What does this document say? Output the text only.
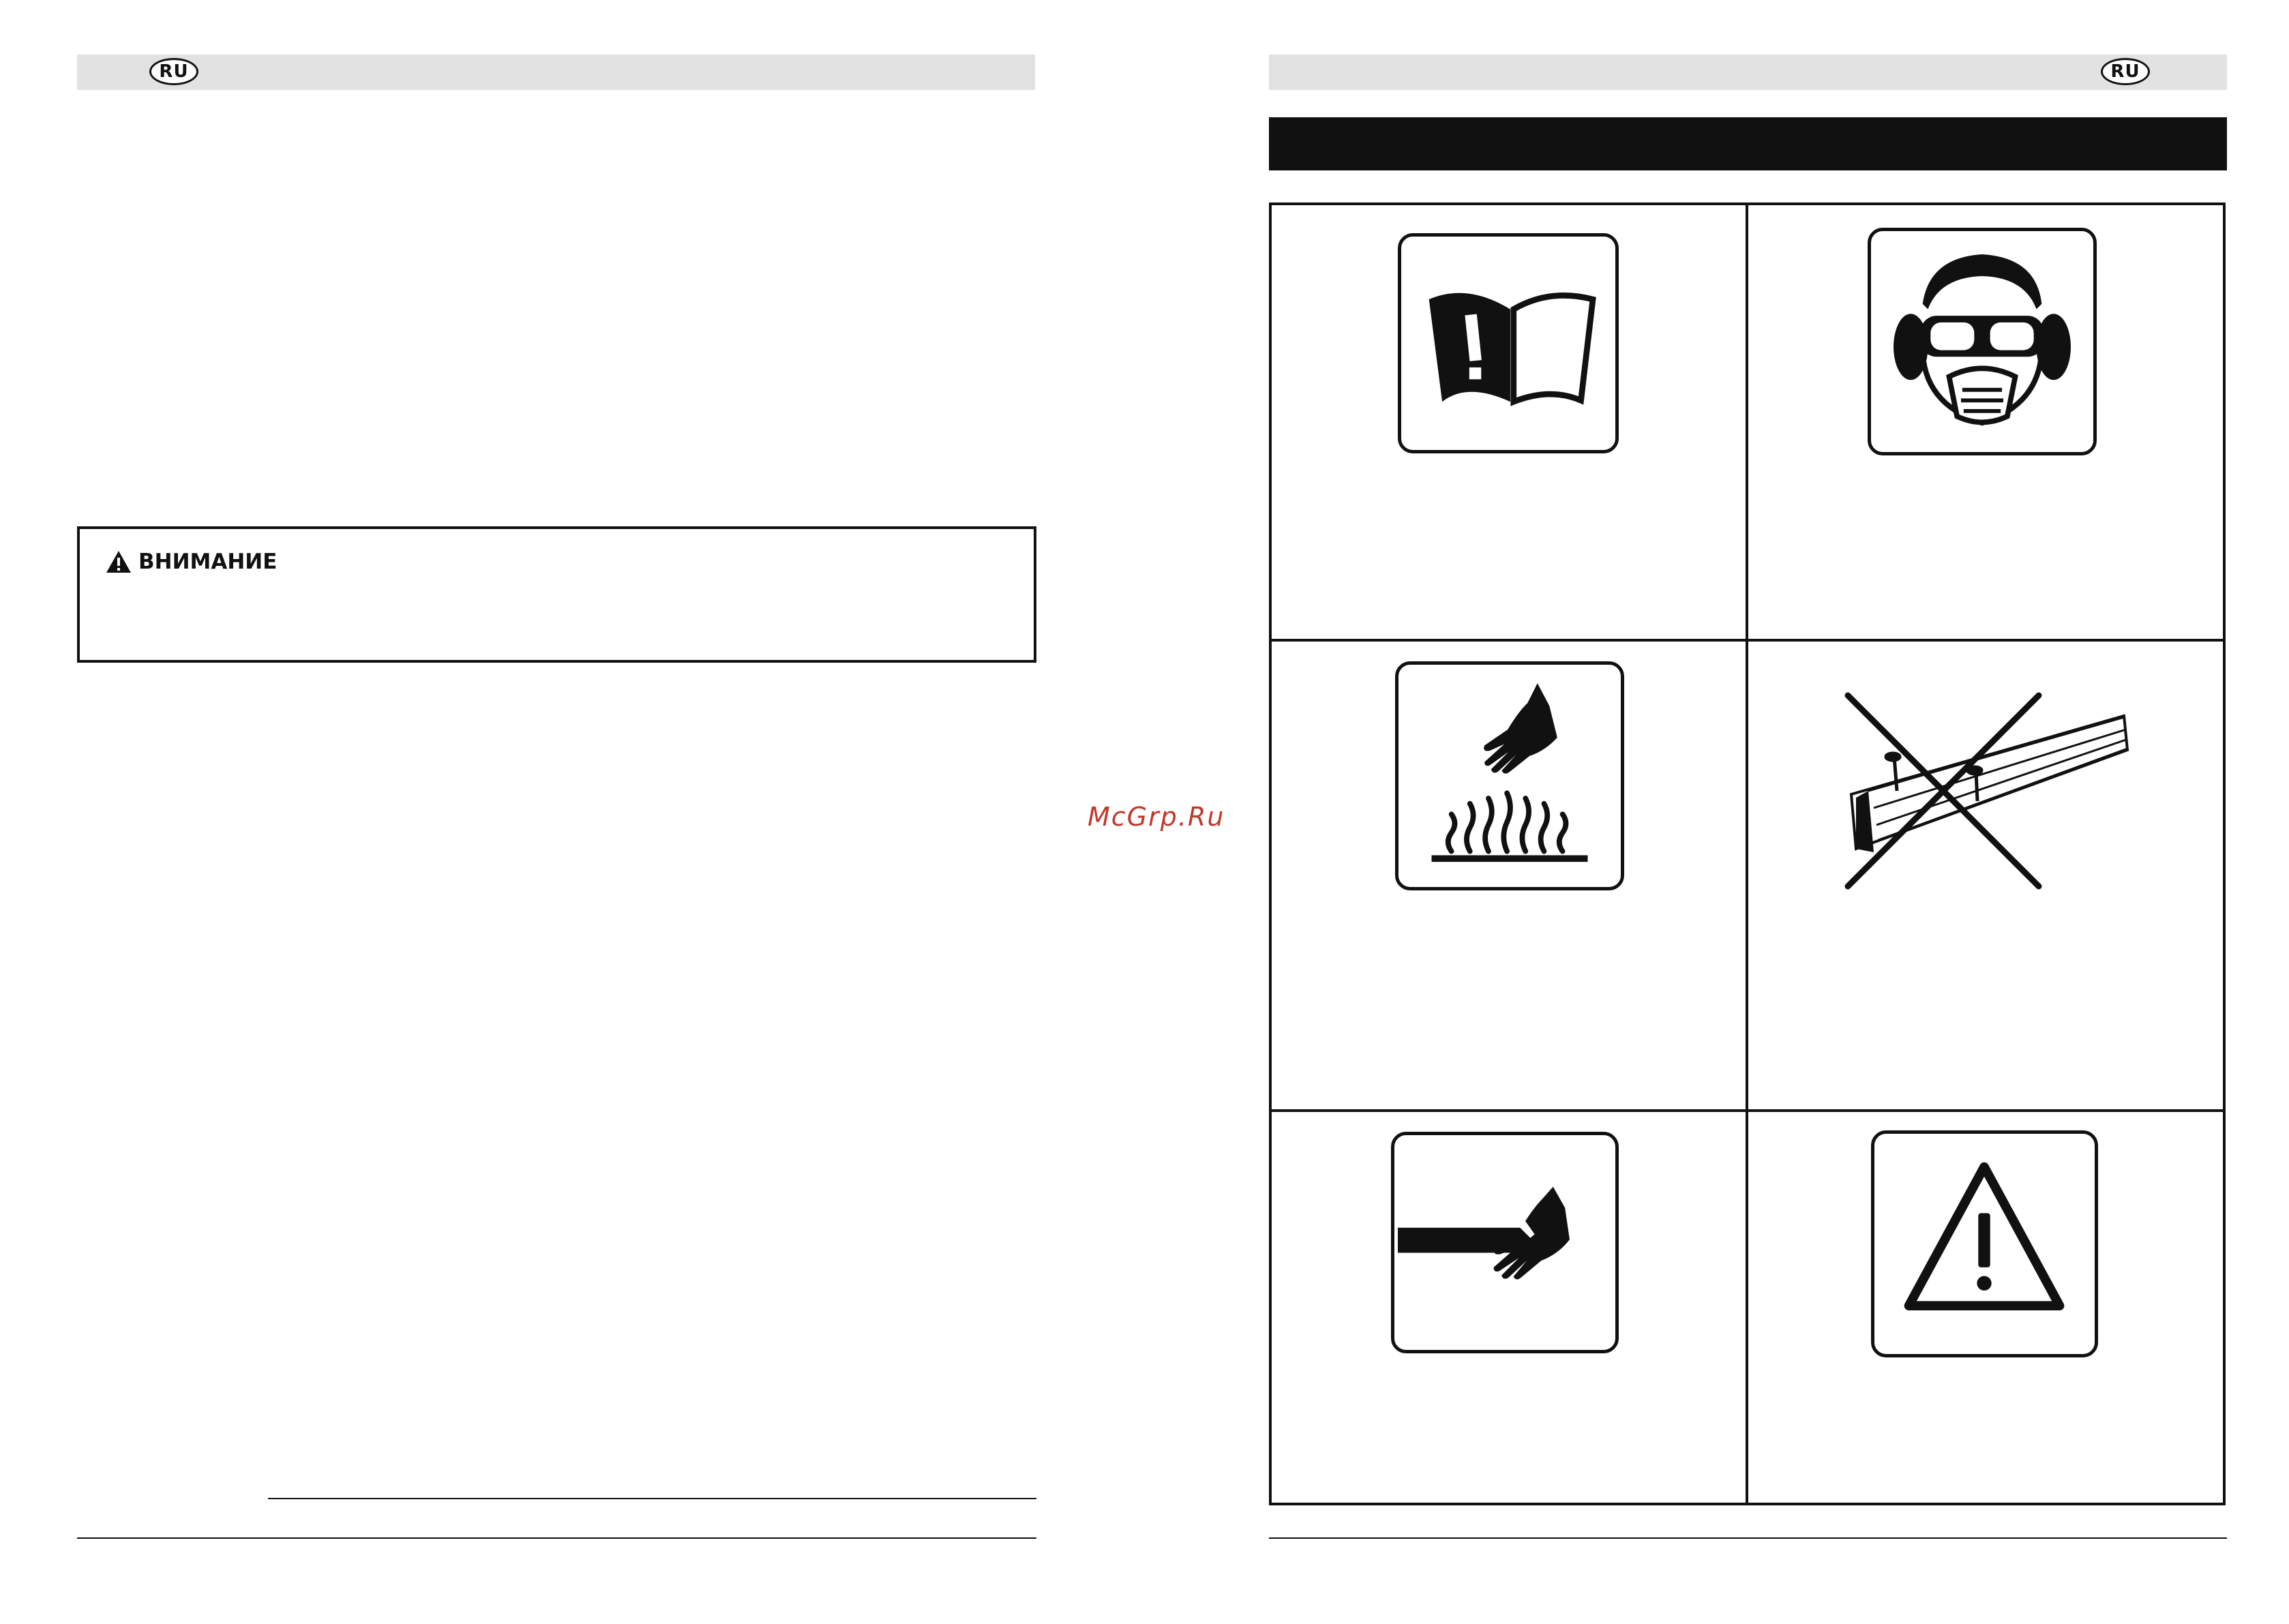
RU
ВНИМАНИЕ
McGrp.Ru
RU
